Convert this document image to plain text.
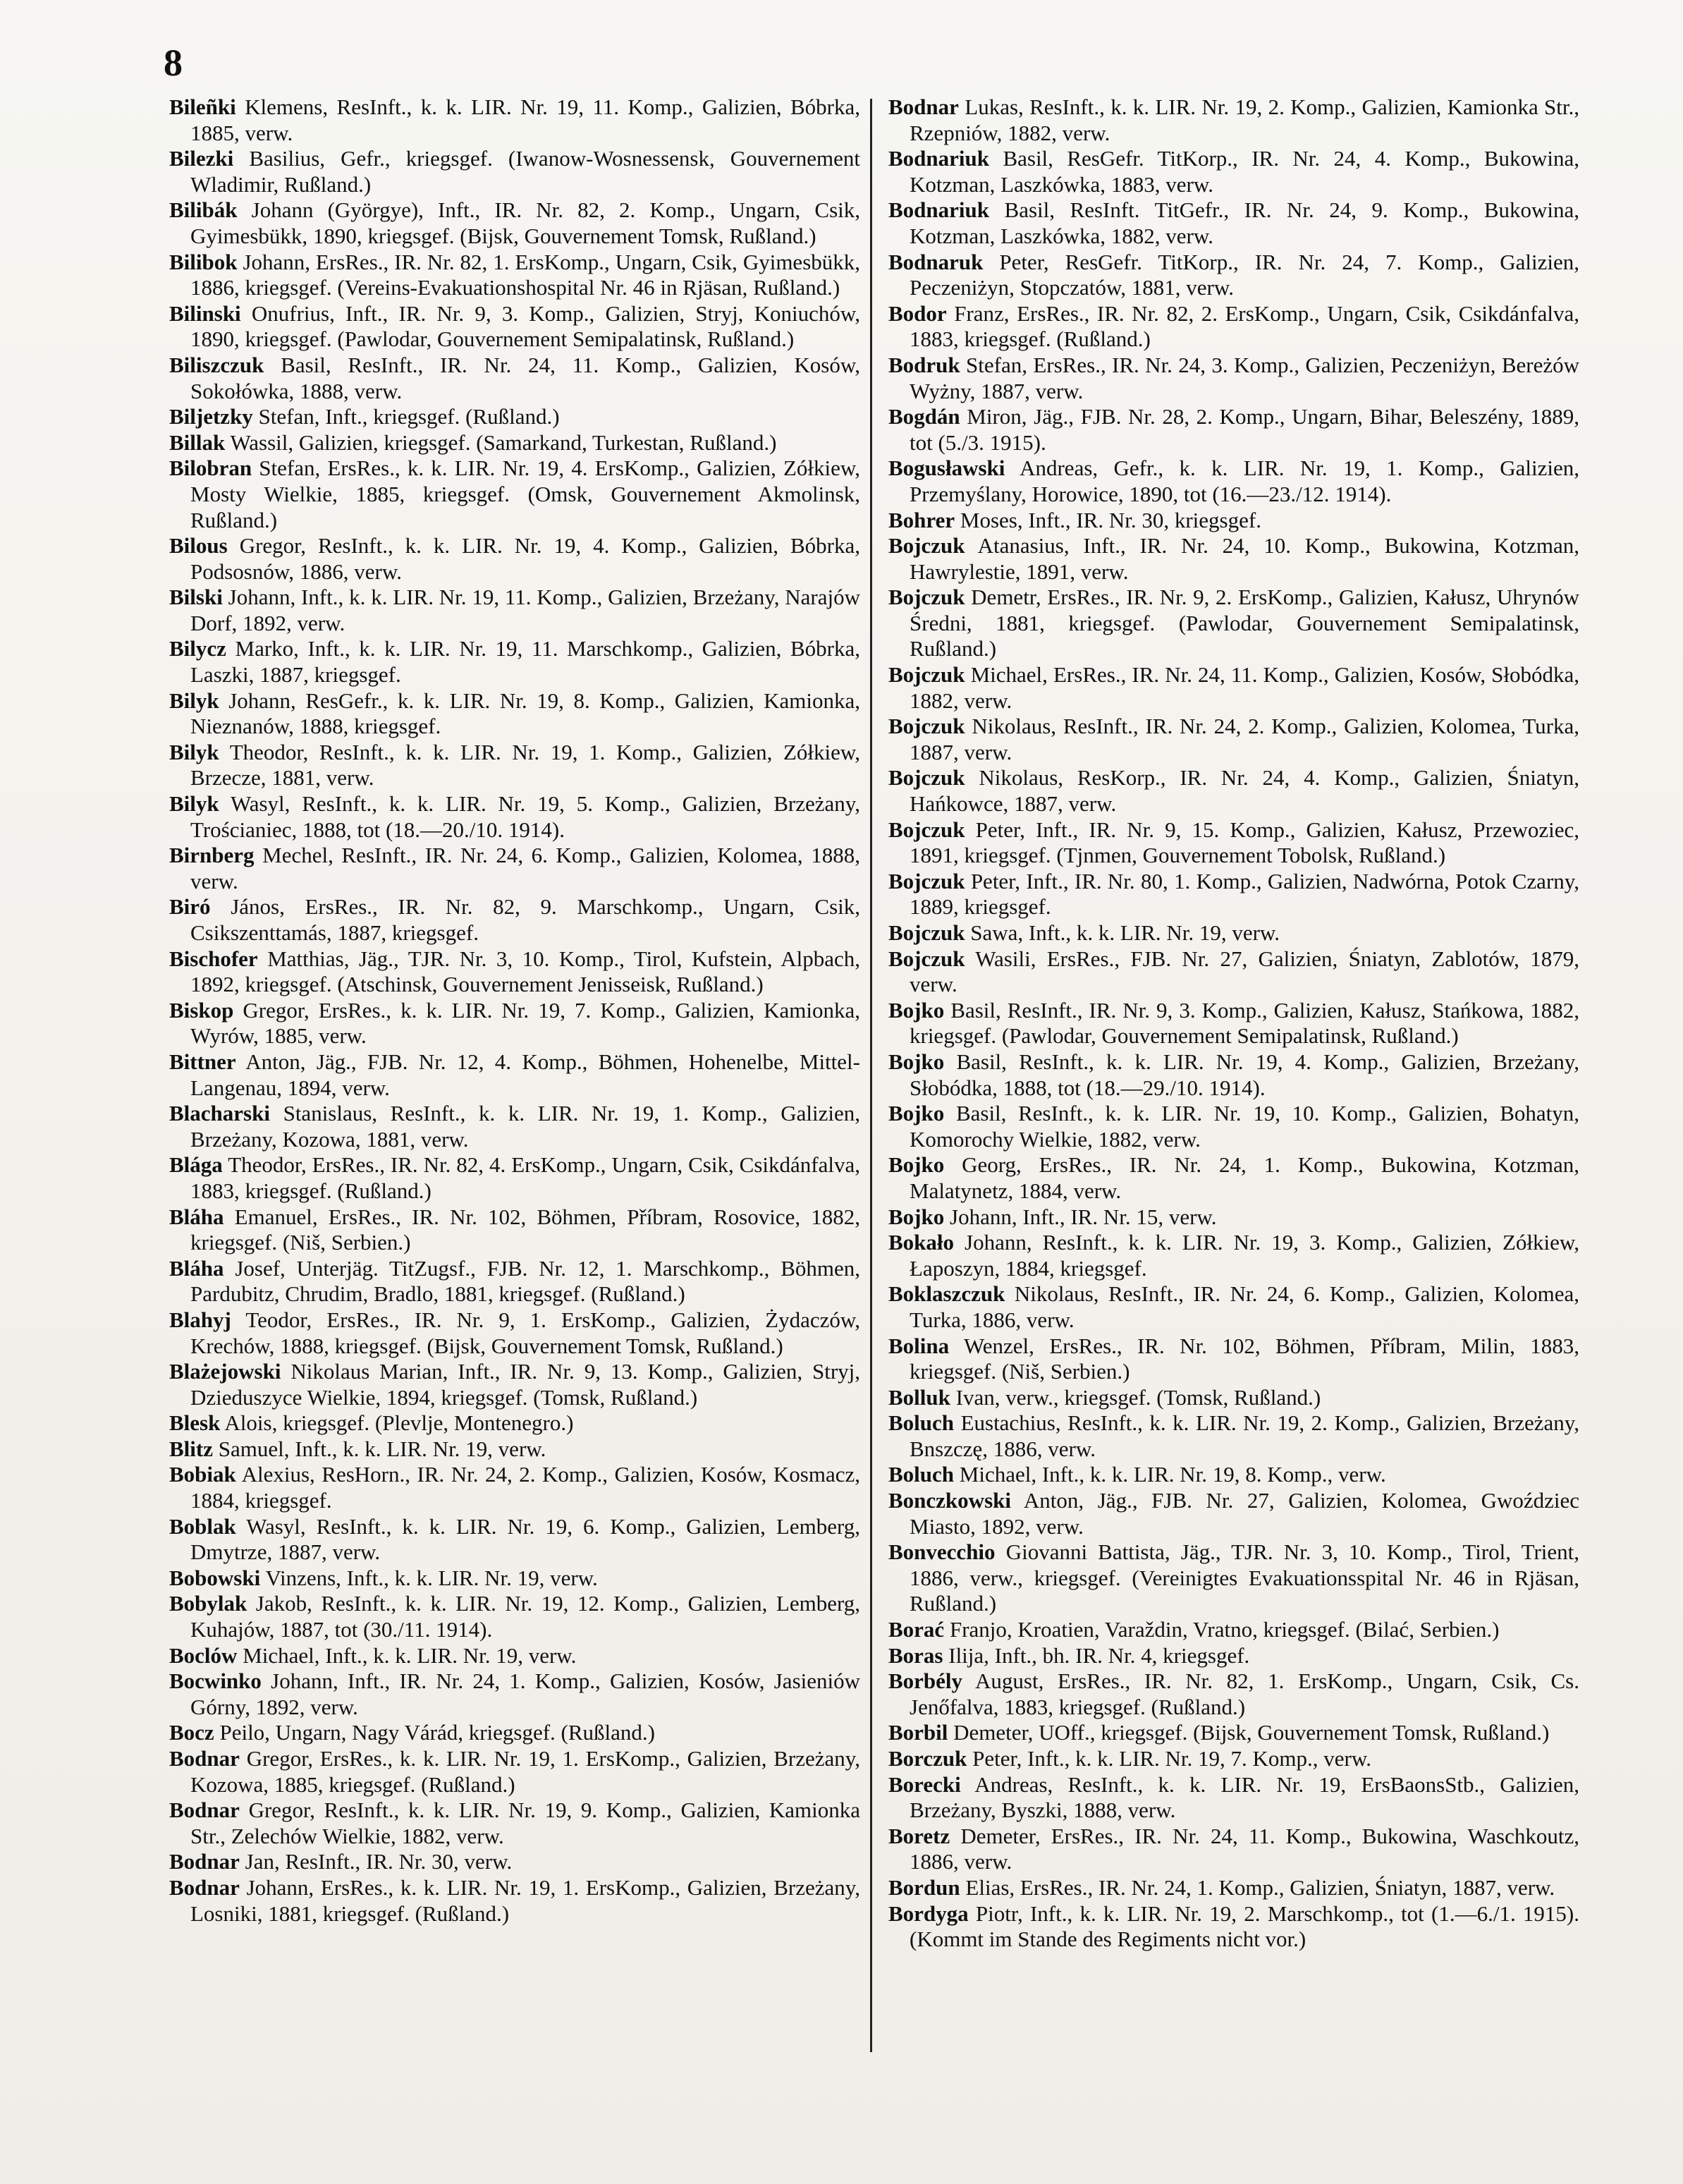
8

Bileñki Klemens, ResInft., k. k. LIR. Nr. 19, 11. Komp., Galizien, Bóbrka, 1885, verw.

Bilezki Basilius, Gefr., kriegsgef. (Iwanow-Wosnessensk, Gouvernement Wladimir, Rußland.)

Bilibák Johann (Györgye), Inft., IR. Nr. 82, 2. Komp., Ungarn, Csik, Gyimesbükk, 1890, kriegsgef. (Bijsk, Gouvernement Tomsk, Rußland.)

Bilibok Johann, ErsRes., IR. Nr. 82, 1. ErsKomp., Ungarn, Csik, Gyimesbükk, 1886, kriegsgef. (Vereins-Evakuationshospital Nr. 46 in Rjäsan, Rußland.)

Bilinski Onufrius, Inft., IR. Nr. 9, 3. Komp., Galizien, Stryj, Koniuchów, 1890, kriegsgef. (Pawlodar, Gouvernement Semipalatinsk, Rußland.)

Biliszczuk Basil, ResInft., IR. Nr. 24, 11. Komp., Galizien, Kosów, Sokołówka, 1888, verw.

Biljetzky Stefan, Inft., kriegsgef. (Rußland.)

Billak Wassil, Galizien, kriegsgef. (Samarkand, Turkestan, Rußland.)

Bilobran Stefan, ErsRes., k. k. LIR. Nr. 19, 4. ErsKomp., Galizien, Zółkiew, Mosty Wielkie, 1885, kriegsgef. (Omsk, Gouvernement Akmolinsk, Rußland.)

Bilous Gregor, ResInft., k. k. LIR. Nr. 19, 4. Komp., Galizien, Bóbrka, Podsosnów, 1886, verw.

Bilski Johann, Inft., k. k. LIR. Nr. 19, 11. Komp., Galizien, Brzeżany, Narajów Dorf, 1892, verw.

Bilycz Marko, Inft., k. k. LIR. Nr. 19, 11. Marschkomp., Galizien, Bóbrka, Laszki, 1887, kriegsgef.

Bilyk Johann, ResGefr., k. k. LIR. Nr. 19, 8. Komp., Galizien, Kamionka, Nieznanów, 1888, kriegsgef.

Bilyk Theodor, ResInft., k. k. LIR. Nr. 19, 1. Komp., Galizien, Zółkiew, Brzecze, 1881, verw.

Bilyk Wasyl, ResInft., k. k. LIR. Nr. 19, 5. Komp., Galizien, Brzeżany, Trościaniec, 1888, tot (18.—20./10. 1914).

Birnberg Mechel, ResInft., IR. Nr. 24, 6. Komp., Galizien, Kolomea, 1888, verw.

Biró János, ErsRes., IR. Nr. 82, 9. Marschkomp., Ungarn, Csik, Csikszenttamás, 1887, kriegsgef.

Bischofer Matthias, Jäg., TJR. Nr. 3, 10. Komp., Tirol, Kufstein, Alpbach, 1892, kriegsgef. (Atschinsk, Gouvernement Jenisseisk, Rußland.)

Biskop Gregor, ErsRes., k. k. LIR. Nr. 19, 7. Komp., Galizien, Kamionka, Wyrów, 1885, verw.

Bittner Anton, Jäg., FJB. Nr. 12, 4. Komp., Böhmen, Hohenelbe, Mittel-Langenau, 1894, verw.

Blacharski Stanislaus, ResInft., k. k. LIR. Nr. 19, 1. Komp., Galizien, Brzeżany, Kozowa, 1881, verw.

Blága Theodor, ErsRes., IR. Nr. 82, 4. ErsKomp., Ungarn, Csik, Csikdánfalva, 1883, kriegsgef. (Rußland.)

Bláha Emanuel, ErsRes., IR. Nr. 102, Böhmen, Příbram, Rosovice, 1882, kriegsgef. (Niš, Serbien.)

Bláha Josef, Unterjäg. TitZugsf., FJB. Nr. 12, 1. Marschkomp., Böhmen, Pardubitz, Chrudim, Bradlo, 1881, kriegsgef. (Rußland.)

Blahyj Teodor, ErsRes., IR. Nr. 9, 1. ErsKomp., Galizien, Żydaczów, Krechów, 1888, kriegsgef. (Bijsk, Gouvernement Tomsk, Rußland.)

Blażejowski Nikolaus Marian, Inft., IR. Nr. 9, 13. Komp., Galizien, Stryj, Dzieduszyce Wielkie, 1894, kriegsgef. (Tomsk, Rußland.)

Blesk Alois, kriegsgef. (Plevlje, Montenegro.)

Blitz Samuel, Inft., k. k. LIR. Nr. 19, verw.

Bobiak Alexius, ResHorn., IR. Nr. 24, 2. Komp., Galizien, Kosów, Kosmacz, 1884, kriegsgef.

Boblak Wasyl, ResInft., k. k. LIR. Nr. 19, 6. Komp., Galizien, Lemberg, Dmytrze, 1887, verw.

Bobowski Vinzens, Inft., k. k. LIR. Nr. 19, verw.

Bobylak Jakob, ResInft., k. k. LIR. Nr. 19, 12. Komp., Galizien, Lemberg, Kuhajów, 1887, tot (30./11. 1914).

Boclów Michael, Inft., k. k. LIR. Nr. 19, verw.

Bocwinko Johann, Inft., IR. Nr. 24, 1. Komp., Galizien, Kosów, Jasieniów Górny, 1892, verw.

Bocz Peilo, Ungarn, Nagy Várád, kriegsgef. (Rußland.)

Bodnar Gregor, ErsRes., k. k. LIR. Nr. 19, 1. ErsKomp., Galizien, Brzeżany, Kozowa, 1885, kriegsgef. (Rußland.)

Bodnar Gregor, ResInft., k. k. LIR. Nr. 19, 9. Komp., Galizien, Kamionka Str., Zelechów Wielkie, 1882, verw.

Bodnar Jan, ResInft., IR. Nr. 30, verw.

Bodnar Johann, ErsRes., k. k. LIR. Nr. 19, 1. ErsKomp., Galizien, Brzeżany, Losniki, 1881, kriegsgef. (Rußland.)

Bodnar Lukas, ResInft., k. k. LIR. Nr. 19, 2. Komp., Galizien, Kamionka Str., Rzepniów, 1882, verw.

Bodnariuk Basil, ResGefr. TitKorp., IR. Nr. 24, 4. Komp., Bukowina, Kotzman, Laszkówka, 1883, verw.

Bodnariuk Basil, ResInft. TitGefr., IR. Nr. 24, 9. Komp., Bukowina, Kotzman, Laszkówka, 1882, verw.

Bodnaruk Peter, ResGefr. TitKorp., IR. Nr. 24, 7. Komp., Galizien, Peczeniżyn, Stopczatów, 1881, verw.

Bodor Franz, ErsRes., IR. Nr. 82, 2. ErsKomp., Ungarn, Csik, Csikdánfalva, 1883, kriegsgef. (Rußland.)

Bodruk Stefan, ErsRes., IR. Nr. 24, 3. Komp., Galizien, Peczeniżyn, Bereżów Wyżny, 1887, verw.

Bogdán Miron, Jäg., FJB. Nr. 28, 2. Komp., Ungarn, Bihar, Beleszény, 1889, tot (5./3. 1915).

Bogusławski Andreas, Gefr., k. k. LIR. Nr. 19, 1. Komp., Galizien, Przemyślany, Horowice, 1890, tot (16.—23./12. 1914).

Bohrer Moses, Inft., IR. Nr. 30, kriegsgef.

Bojczuk Atanasius, Inft., IR. Nr. 24, 10. Komp., Bukowina, Kotzman, Hawrylestie, 1891, verw.

Bojczuk Demetr, ErsRes., IR. Nr. 9, 2. ErsKomp., Galizien, Kałusz, Uhrynów Średni, 1881, kriegsgef. (Pawlodar, Gouvernement Semipalatinsk, Rußland.)

Bojczuk Michael, ErsRes., IR. Nr. 24, 11. Komp., Galizien, Kosów, Słobódka, 1882, verw.

Bojczuk Nikolaus, ResInft., IR. Nr. 24, 2. Komp., Galizien, Kolomea, Turka, 1887, verw.

Bojczuk Nikolaus, ResKorp., IR. Nr. 24, 4. Komp., Galizien, Śniatyn, Hańkowce, 1887, verw.

Bojczuk Peter, Inft., IR. Nr. 9, 15. Komp., Galizien, Kałusz, Przewoziec, 1891, kriegsgef. (Tjnmen, Gouvernement Tobolsk, Rußland.)

Bojczuk Peter, Inft., IR. Nr. 80, 1. Komp., Galizien, Nadwórna, Potok Czarny, 1889, kriegsgef.

Bojczuk Sawa, Inft., k. k. LIR. Nr. 19, verw.

Bojczuk Wasili, ErsRes., FJB. Nr. 27, Galizien, Śniatyn, Zablotów, 1879, verw.

Bojko Basil, ResInft., IR. Nr. 9, 3. Komp., Galizien, Kałusz, Stańkowa, 1882, kriegsgef. (Pawlodar, Gouvernement Semipalatinsk, Rußland.)

Bojko Basil, ResInft., k. k. LIR. Nr. 19, 4. Komp., Galizien, Brzeżany, Słobódka, 1888, tot (18.—29./10. 1914).

Bojko Basil, ResInft., k. k. LIR. Nr. 19, 10. Komp., Galizien, Bohatyn, Komorochy Wielkie, 1882, verw.

Bojko Georg, ErsRes., IR. Nr. 24, 1. Komp., Bukowina, Kotzman, Malatynetz, 1884, verw.

Bojko Johann, Inft., IR. Nr. 15, verw.

Bokało Johann, ResInft., k. k. LIR. Nr. 19, 3. Komp., Galizien, Zółkiew, Łaposzyn, 1884, kriegsgef.

Boklaszczuk Nikolaus, ResInft., IR. Nr. 24, 6. Komp., Galizien, Kolomea, Turka, 1886, verw.

Bolina Wenzel, ErsRes., IR. Nr. 102, Böhmen, Příbram, Milin, 1883, kriegsgef. (Niš, Serbien.)

Bolluk Ivan, verw., kriegsgef. (Tomsk, Rußland.)

Boluch Eustachius, ResInft., k. k. LIR. Nr. 19, 2. Komp., Galizien, Brzeżany, Bnszczę, 1886, verw.

Boluch Michael, Inft., k. k. LIR. Nr. 19, 8. Komp., verw.

Bonczkowski Anton, Jäg., FJB. Nr. 27, Galizien, Kolomea, Gwoździec Miasto, 1892, verw.

Bonvecchio Giovanni Battista, Jäg., TJR. Nr. 3, 10. Komp., Tirol, Trient, 1886, verw., kriegsgef. (Vereinigtes Evakuationsspital Nr. 46 in Rjäsan, Rußland.)

Borać Franjo, Kroatien, Varaždin, Vratno, kriegsgef. (Bilać, Serbien.)

Boras Ilija, Inft., bh. IR. Nr. 4, kriegsgef.

Borbély August, ErsRes., IR. Nr. 82, 1. ErsKomp., Ungarn, Csik, Cs. Jenőfalva, 1883, kriegsgef. (Rußland.)

Borbil Demeter, UOff., kriegsgef. (Bijsk, Gouvernement Tomsk, Rußland.)

Borczuk Peter, Inft., k. k. LIR. Nr. 19, 7. Komp., verw.

Borecki Andreas, ResInft., k. k. LIR. Nr. 19, ErsBaonsStb., Galizien, Brzeżany, Byszki, 1888, verw.

Boretz Demeter, ErsRes., IR. Nr. 24, 11. Komp., Bukowina, Waschkoutz, 1886, verw.

Bordun Elias, ErsRes., IR. Nr. 24, 1. Komp., Galizien, Śniatyn, 1887, verw.

Bordyga Piotr, Inft., k. k. LIR. Nr. 19, 2. Marschkomp., tot (1.—6./1. 1915). (Kommt im Stande des Regiments nicht vor.)
